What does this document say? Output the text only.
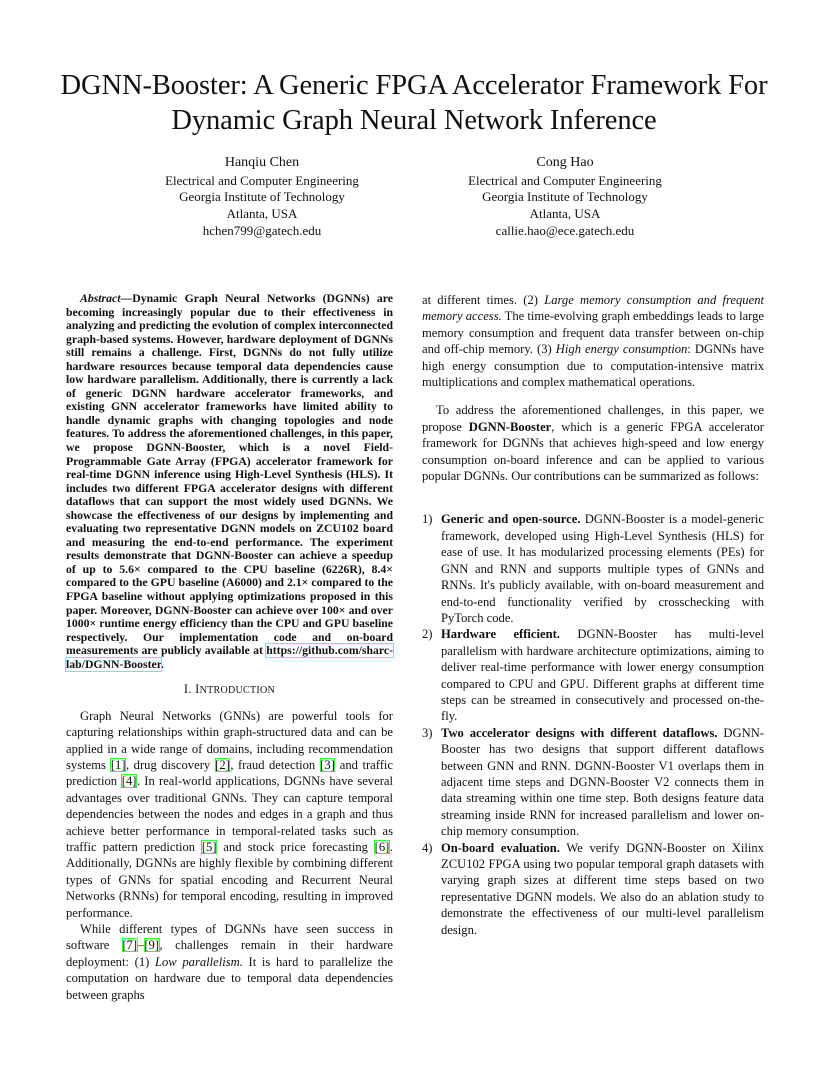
DGNN-Booster: A Generic FPGA Accelerator Framework For
Dynamic Graph Neural Network Inference
Hanqiu Chen
Electrical and Computer Engineering
Georgia Institute of Technology
Atlanta, USA
hchen799@gatech.edu
Cong Hao
Electrical and Computer Engineering
Georgia Institute of Technology
Atlanta, USA
callie.hao@ece.gatech.edu

Abstract—Dynamic Graph Neural Networks (DGNNs) are becoming increasingly popular due to their effectiveness in analyzing and predicting the evolution of complex interconnected graph-based systems. However, hardware deployment of DGNNs still remains a challenge. First, DGNNs do not fully utilize hardware resources because temporal data dependencies cause low hardware parallelism. Additionally, there is currently a lack of generic DGNN hardware accelerator frameworks, and existing GNN accelerator frameworks have limited ability to handle dynamic graphs with changing topologies and node features. To address the aforementioned challenges, in this paper, we propose DGNN-Booster, which is a novel Field-Programmable Gate Array (FPGA) accelerator framework for real-time DGNN inference using High-Level Synthesis (HLS). It includes two different FPGA accelerator designs with different dataflows that can support the most widely used DGNNs. We showcase the effectiveness of our designs by implementing and evaluating two representative DGNN models on ZCU102 board and measuring the end-to-end performance. The experiment results demonstrate that DGNN-Booster can achieve a speedup of up to 5.6× compared to the CPU baseline (6226R), 8.4× compared to the GPU baseline (A6000) and 2.1× compared to the FPGA baseline without applying optimizations proposed in this paper. Moreover, DGNN-Booster can achieve over 100× and over 1000× runtime energy efficiency than the CPU and GPU baseline respectively. Our implementation code and on-board measurements are publicly available at https://github.com/sharc-lab/DGNN-Booster.

I. INTRODUCTION

Graph Neural Networks (GNNs) are powerful tools for capturing relationships within graph-structured data and can be applied in a wide range of domains, including recommendation systems [1], drug discovery [2], fraud detection [3] and traffic prediction [4]. In real-world applications, DGNNs have several advantages over traditional GNNs. They can capture temporal dependencies between the nodes and edges in a graph and thus achieve better performance in temporal-related tasks such as traffic pattern prediction [5] and stock price forecasting [6]. Additionally, DGNNs are highly flexible by combining different types of GNNs for spatial encoding and Recurrent Neural Networks (RNNs) for temporal encoding, resulting in improved performance.

While different types of DGNNs have seen success in software [7]–[9], challenges remain in their hardware deployment: (1) Low parallelism. It is hard to parallelize the computation on hardware due to temporal data dependencies between graphs

at different times. (2) Large memory consumption and frequent memory access. The time-evolving graph embeddings leads to large memory consumption and frequent data transfer between on-chip and off-chip memory. (3) High energy consumption: DGNNs have high energy consumption due to computation-intensive matrix multiplications and complex mathematical operations.

To address the aforementioned challenges, in this paper, we propose DGNN-Booster, which is a generic FPGA accelerator framework for DGNNs that achieves high-speed and low energy consumption on-board inference and can be applied to various popular DGNNs. Our contributions can be summarized as follows:

1) Generic and open-source. DGNN-Booster is a model-generic framework, developed using High-Level Synthesis (HLS) for ease of use. It has modularized processing elements (PEs) for GNN and RNN and supports multiple types of GNNs and RNNs. It's publicly available, with on-board measurement and end-to-end functionality verified by crosschecking with PyTorch code.
2) Hardware efficient. DGNN-Booster has multi-level parallelism with hardware architecture optimizations, aiming to deliver real-time performance with lower energy consumption compared to CPU and GPU. Different graphs at different time steps can be streamed in consecutively and processed on-the-fly.
3) Two accelerator designs with different dataflows. DGNN-Booster has two designs that support different dataflows between GNN and RNN. DGNN-Booster V1 overlaps them in adjacent time steps and DGNN-Booster V2 connects them in data streaming within one time step. Both designs feature data streaming inside RNN for increased parallelism and lower on-chip memory consumption.
4) On-board evaluation. We verify DGNN-Booster on Xilinx ZCU102 FPGA using two popular temporal graph datasets with varying graph sizes at different time steps based on two representative DGNN models. We also do an ablation study to demonstrate the effectiveness of our multi-level parallelism design.
